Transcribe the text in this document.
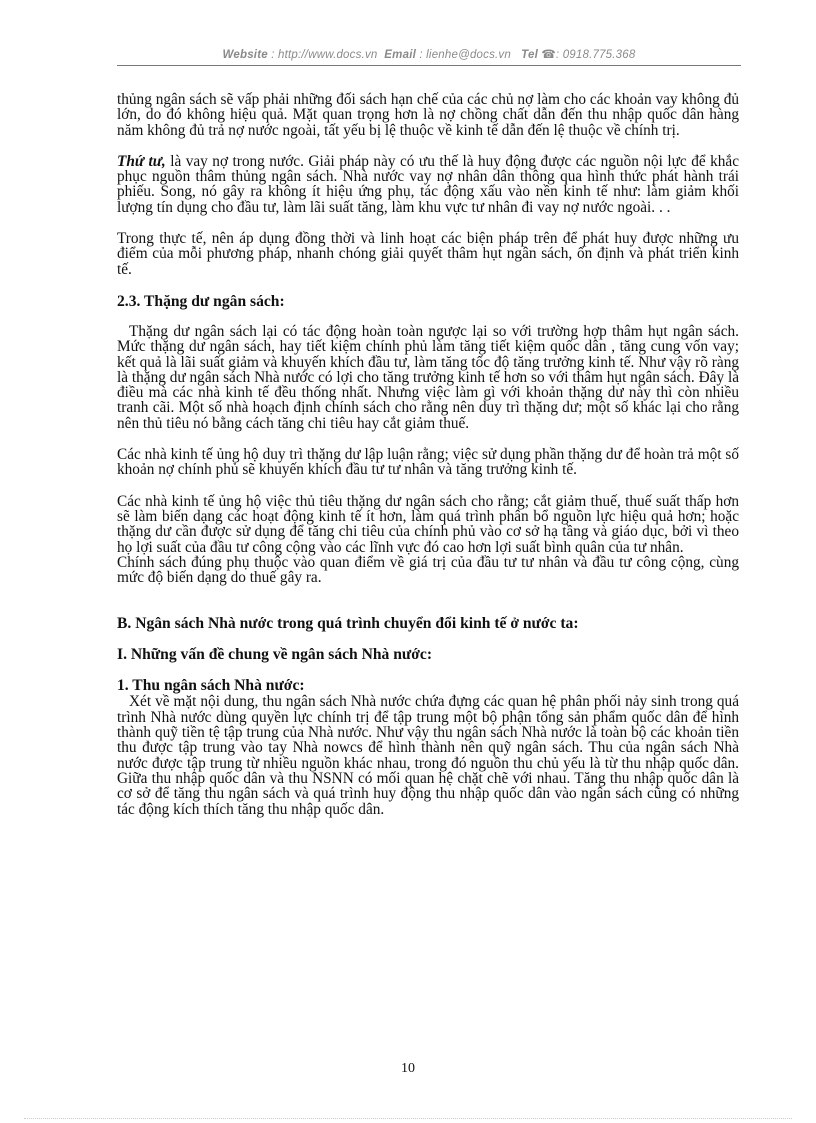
Website : http://www.docs.vn Email : lienhe@docs.vn Tel ☎: 0918.775.368

thủng ngân sách sẽ vấp phải những đối sách hạn chế của các chủ nợ làm cho các khoản vay không đủ lớn, do đó không hiệu quả. Mặt quan trọng hơn là nợ chồng chất dẫn đến thu nhập quốc dân hàng năm không đủ trả nợ nước ngoài, tất yếu bị lệ thuộc về kinh tế dẫn đến lệ thuộc về chính trị.

Thứ tư, là vay nợ trong nước. Giải pháp này có ưu thế là huy động được các nguồn nội lực để khắc phục nguồn thâm thủng ngân sách. Nhà nước vay nợ nhân dân thông qua hình thức phát hành trái phiếu. Song, nó gây ra không ít hiệu ứng phụ, tác động xấu vào nền kinh tế như: làm giảm khối lượng tín dụng cho đầu tư, làm lãi suất tăng, làm khu vực tư nhân đi vay nợ nước ngoài. . .

Trong thực tế, nên áp dụng đồng thời và linh hoạt các biện pháp trên để phát huy được những ưu điểm của mỗi phương pháp, nhanh chóng giải quyết thâm hụt ngân sách, ổn định và phát triển kinh tế.

2.3. Thặng dư ngân sách:

Thặng dư ngân sách lại có tác động hoàn toàn ngược lại so với trường hợp thâm hụt ngân sách. Mức thặng dư ngân sách, hay tiết kiệm chính phủ làm tăng tiết kiệm quốc dân , tăng cung vốn vay; kết quả là lãi suất giảm và khuyến khích đầu tư, làm tăng tốc độ tăng trưởng kinh tế. Như vậy rõ ràng là thặng dư ngân sách Nhà nước có lợi cho tăng trưởng kinh tế hơn so với thâm hụt ngân sách. Đây là điều mà các nhà kinh tế đều thống nhất. Nhưng việc làm gì với khoản thặng dư này thì còn nhiều tranh cãi. Một số nhà hoạch định chính sách cho rằng nên duy trì thặng dư; một số khác lại cho rằng nên thủ tiêu nó bằng cách tăng chi tiêu hay cắt giảm thuế.

Các nhà kinh tế ủng hộ duy trì thặng dư lập luận rằng; việc sử dụng phần thặng dư để hoàn trả một số khoản nợ chính phủ sẽ khuyến khích đầu tư tư nhân và tăng trưởng kinh tế.

Các nhà kinh tế ủng hộ việc thủ tiêu thặng dư ngân sách cho rằng; cắt giảm thuế, thuế suất thấp hơn sẽ làm biến dạng các hoạt động kinh tế ít hơn, làm quá trình phân bổ nguồn lực hiệu quả hơn; hoặc thặng dư cần được sử dụng để tăng chi tiêu của chính phủ vào cơ sở hạ tầng và giáo dục, bởi vì theo họ lợi suất của đầu tư công cộng vào các lĩnh vực đó cao hơn lợi suất bình quân của tư nhân.

Chính sách đúng phụ thuộc vào quan điểm về giá trị của đầu tư tư nhân và đầu tư công cộng, cùng mức độ biến dạng do thuế gây ra.

B. Ngân sách Nhà nước trong quá trình chuyển đổi kinh tế ở nước ta:

I. Những vấn đề chung về ngân sách Nhà nước:

1. Thu ngân sách Nhà nước:

Xét về mặt nội dung, thu ngân sách Nhà nước chứa đựng các quan hệ phân phối nảy sinh trong quá trình Nhà nước dùng quyền lực chính trị để tập trung một bộ phận tổng sản phẩm quốc dân để hình thành quỹ tiền tệ tập trung của Nhà nước. Như vậy thu ngân sách Nhà nước là toàn bộ các khoản tiền thu được tập trung vào tay Nhà nowcs để hình thành nên quỹ ngân sách. Thu của ngân sách Nhà nước được tập trung từ nhiều nguồn khác nhau, trong đó nguồn thu chủ yếu là từ thu nhập quốc dân. Giữa thu nhập quốc dân và thu NSNN có mối quan hệ chặt chẽ với nhau. Tăng thu nhập quốc dân là cơ sở để tăng thu ngân sách và quá trình huy động thu nhập quốc dân vào ngân sách cũng có những tác động kích thích tăng thu nhập quốc dân.

10
